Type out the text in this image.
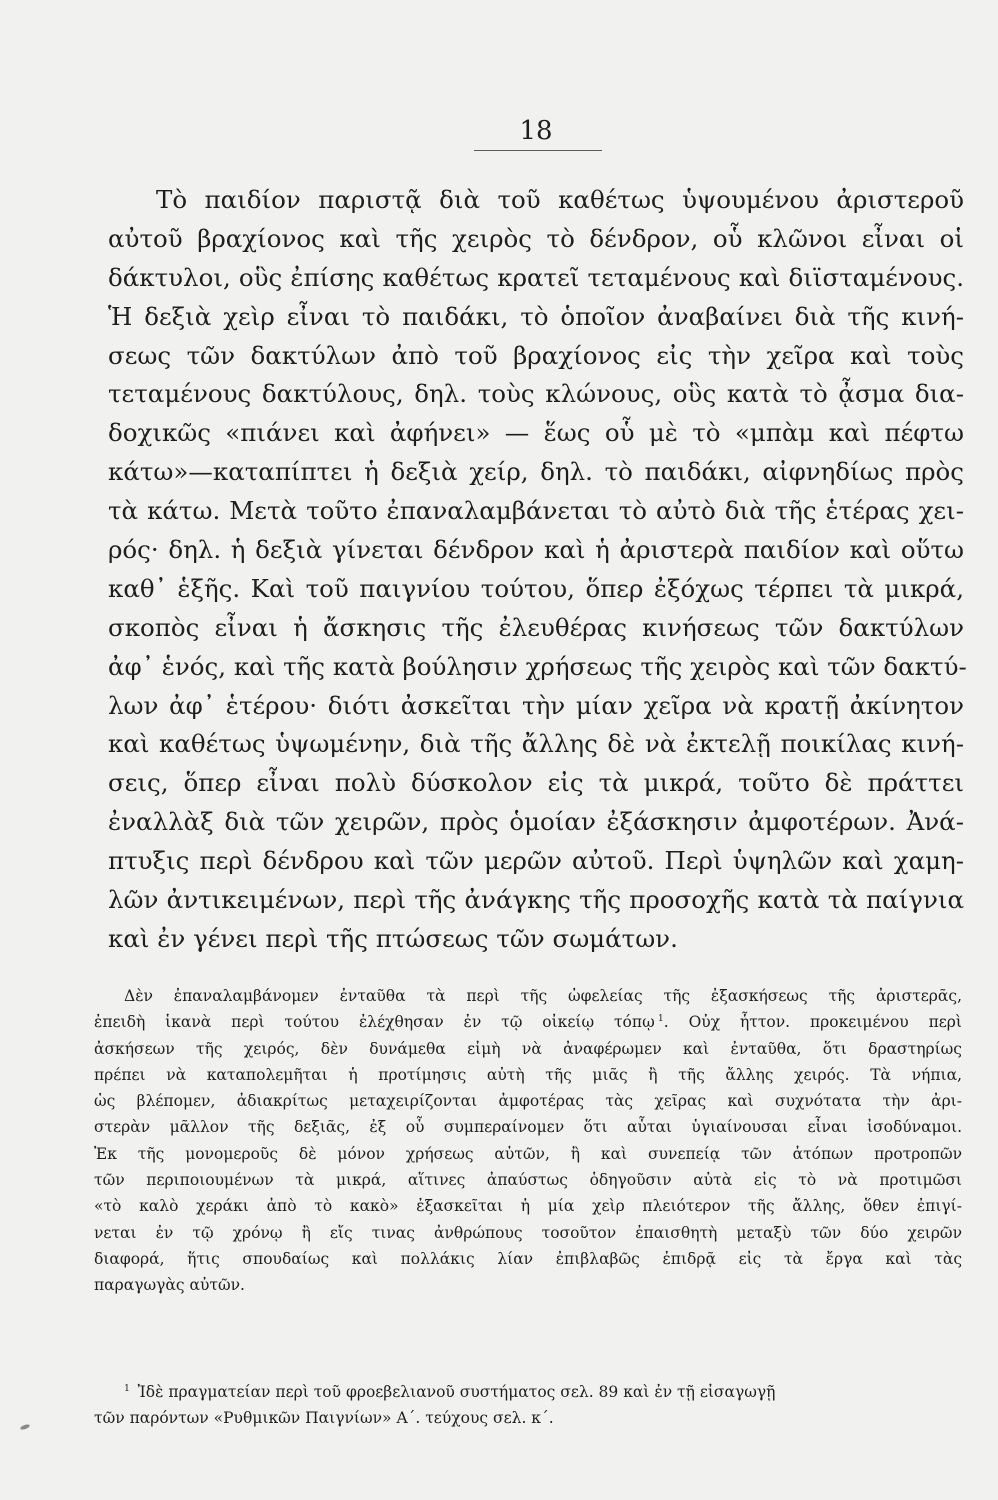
18
Τὸ παιδίον παριστᾷ διὰ τοῦ καθέτως ὑψουμένου ἀριστεροῦ
αὐτοῦ βραχίονος καὶ τῆς χειρὸς τὸ δένδρον, οὗ κλῶνοι εἶναι οἱ
δάκτυλοι, οὓς ἐπίσης καθέτως κρατεῖ τεταμένους καὶ διϊσταμένους.
Ἡ δεξιὰ χεὶρ εἶναι τὸ παιδάκι, τὸ ὁποῖον ἀναβαίνει διὰ τῆς κινή-
σεως τῶν δακτύλων ἀπὸ τοῦ βραχίονος εἰς τὴν χεῖρα καὶ τοὺς
τεταμένους δακτύλους, δηλ. τοὺς κλώνους, οὓς κατὰ τὸ ᾆσμα δια-
δοχικῶς «πιάνει καὶ ἀφήνει» — ἕως οὗ μὲ τὸ «μπὰμ καὶ πέφτω
κάτω»—καταπίπτει ἡ δεξιὰ χείρ, δηλ. τὸ παιδάκι, αἰφνηδίως πρὸς
τὰ κάτω. Μετὰ τοῦτο ἐπαναλαμβάνεται τὸ αὐτὸ διὰ τῆς ἑτέρας χει-
ρός· δηλ. ἡ δεξιὰ γίνεται δένδρον καὶ ἡ ἀριστερὰ παιδίον καὶ οὕτω
καθ᾽ ἑξῆς. Καὶ τοῦ παιγνίου τούτου, ὅπερ ἐξόχως τέρπει τὰ μικρά,
σκοπὸς εἶναι ἡ ἄσκησις τῆς ἐλευθέρας κινήσεως τῶν δακτύλων
ἀφ᾽ ἑνός, καὶ τῆς κατὰ βούλησιν χρήσεως τῆς χειρὸς καὶ τῶν δακτύ-
λων ἀφ᾽ ἑτέρου· διότι ἀσκεῖται τὴν μίαν χεῖρα νὰ κρατῇ ἀκίνητον
καὶ καθέτως ὑψωμένην, διὰ τῆς ἄλλης δὲ νὰ ἐκτελῇ ποικίλας κινή-
σεις, ὅπερ εἶναι πολὺ δύσκολον εἰς τὰ μικρά, τοῦτο δὲ πράττει
ἐναλλὰξ διὰ τῶν χειρῶν, πρὸς ὁμοίαν ἐξάσκησιν ἀμφοτέρων. Ἀνά-
πτυξις περὶ δένδρου καὶ τῶν μερῶν αὐτοῦ. Περὶ ὑψηλῶν καὶ χαμη-
λῶν ἀντικειμένων, περὶ τῆς ἀνάγκης τῆς προσοχῆς κατὰ τὰ παίγνια
καὶ ἐν γένει περὶ τῆς πτώσεως τῶν σωμάτων.
Δὲν ἐπαναλαμβάνομεν ἐνταῦθα τὰ περὶ τῆς ὠφελείας τῆς ἐξασκήσεως τῆς ἀριστερᾶς,
ἐπειδὴ ἱκανὰ περὶ τούτου ἐλέχθησαν ἐν τῷ οἰκείῳ τόπῳ  $^1$. Οὐχ ἧττον. προκειμένου περὶ
ἀσκήσεων τῆς χειρός, δὲν δυνάμεθα εἰμὴ νὰ ἀναφέρωμεν καὶ ἐνταῦθα, ὅτι δραστηρίως
πρέπει νὰ καταπολεμῆται ἡ προτίμησις αὐτὴ τῆς μιᾶς ἢ τῆς ἄλλης χειρός. Τὰ νήπια,
ὡς βλέπομεν, ἀδιακρίτως μεταχειρίζονται ἀμφοτέρας τὰς χεῖρας καὶ συχνότατα τὴν ἀρι-
στερὰν μᾶλλον τῆς δεξιᾶς, ἐξ οὗ συμπεραίνομεν ὅτι αὗται ὑγιαίνουσαι εἶναι ἰσοδύναμοι.
Ἐκ τῆς μονομεροῦς δὲ μόνον χρήσεως αὐτῶν, ἢ καὶ συνεπείᾳ τῶν ἀτόπων προτροπῶν
τῶν περιποιουμένων τὰ μικρά, αἵτινες ἀπαύστως ὁδηγοῦσιν αὐτὰ εἰς τὸ νὰ προτιμῶσι
«τὸ καλὸ χεράκι ἀπὸ τὸ κακὸ» ἐξασκεῖται ἡ μία χεὶρ πλειότερον τῆς ἄλλης, ὅθεν ἐπιγί-
νεται ἐν τῷ χρόνῳ ἢ εἴς τινας ἀνθρώπους τοσοῦτον ἐπαισθητὴ μεταξὺ τῶν δύο χειρῶν
διαφορά, ἥτις σπουδαίως καὶ πολλάκις λίαν ἐπιβλαβῶς ἐπιδρᾷ εἰς τὰ ἔργα καὶ τὰς
παραγωγὰς αὐτῶν.
$^1$  Ἰδὲ πραγματείαν περὶ τοῦ φροεβελιανοῦ συστήματος σελ. 89 καὶ ἐν τῇ εἰσαγωγῇ
τῶν παρόντων «Ρυθμικῶν Παιγνίων» Α΄. τεύχους σελ. κ΄.
